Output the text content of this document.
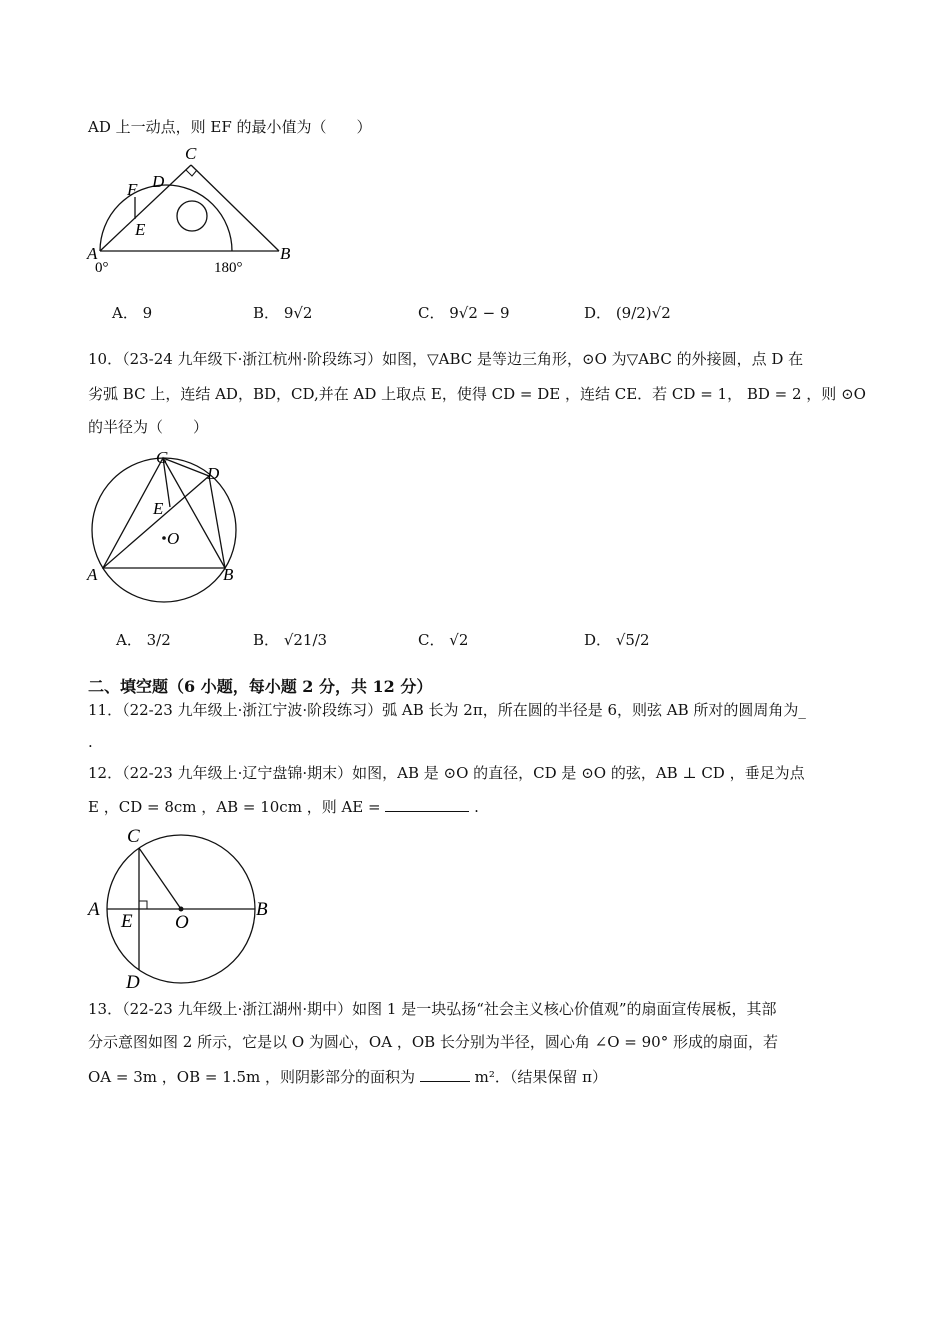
AD 上一动点，则 EF 的最小值为（　　）
C
F D
E
A	B
0°	180°
A． 9	B． 9√2	C． 9√2 − 9	D． (9/2)√2
10．（23-24 九年级下·浙江杭州·阶段练习）如图，▽ABC 是等边三角形，⊙O 为▽ABC 的外接圆，点 D 在
劣弧 BC 上，连结 AD，BD，CD,并在 AD 上取点 E，使得 CD = DE ，连结 CE．若 CD = 1， BD = 2 ，则 ⊙O
的半径为（　　）
C
D
E
O
A	B
A． 3/2	B． √21/3	C． √2	D． √5/2
二、填空题（6 小题，每小题 2 分，共 12 分）
11．（22-23 九年级上·浙江宁波·阶段练习）弧 AB 长为 2π，所在圆的半径是 6，则弦 AB 所对的圆周角为_
.
12．（22-23 九年级上·辽宁盘锦·期末）如图，AB 是 ⊙O 的直径，CD 是 ⊙O 的弦，AB ⊥ CD ，垂足为点
E ，CD = 8cm ，AB = 10cm ，则 AE =	.
C
A
E O
B
D
13．（22-23 九年级上·浙江湖州·期中）如图 1 是一块弘扬“社会主义核心价值观”的扇面宣传展板，其部
分示意图如图 2 所示，它是以 O 为圆心，OA ，OB 长分别为半径，圆心角 ∠O = 90° 形成的扇面，若
OA = 3m ，OB = 1.5m ，则阴影部分的面积为	m²．（结果保留 π）
